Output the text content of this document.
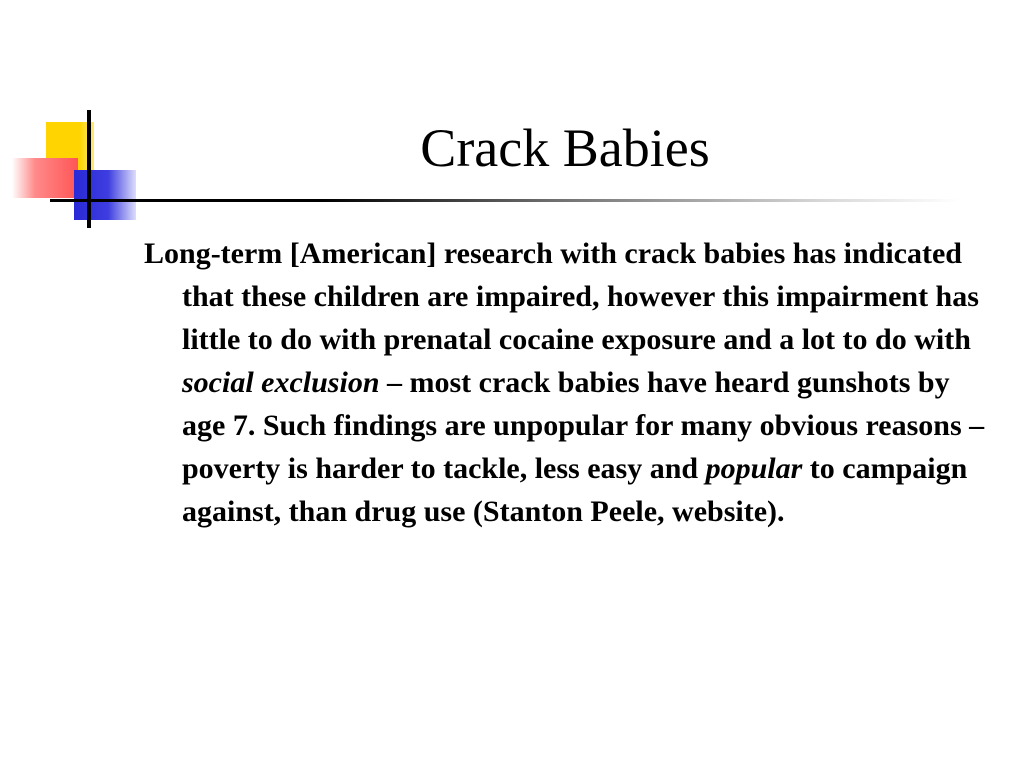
Crack Babies

Long-term [American] research with crack babies has indicated that these children are impaired, however this impairment has little to do with prenatal cocaine exposure and a lot to do with social exclusion – most crack babies have heard gunshots by age 7. Such findings are unpopular for many obvious reasons – poverty is harder to tackle, less easy and popular to campaign against, than drug use (Stanton Peele, website).
